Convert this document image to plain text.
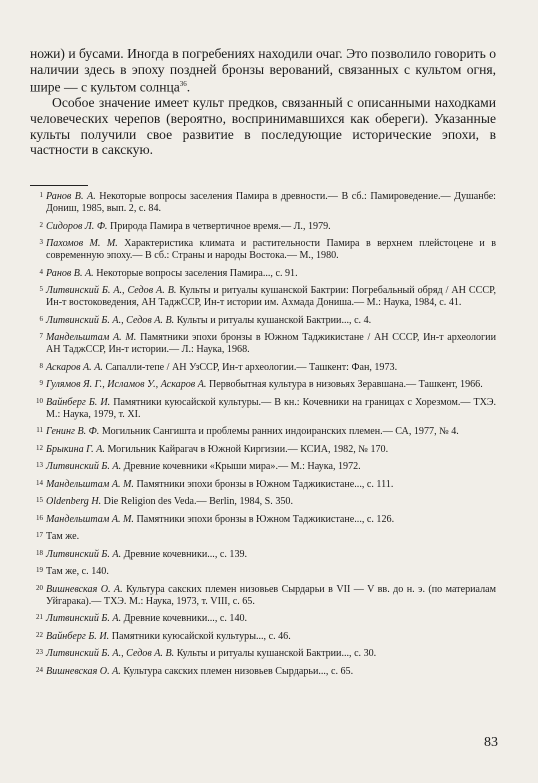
ножи) и бусами. Иногда в погребениях находили очаг. Это позволило говорить о наличии здесь в эпоху поздней бронзы верований, связанных с культом огня, шире — с культом солнца$^{36}$.

Особое значение имеет культ предков, связанный с описанными находками человеческих черепов (вероятно, воспринимавшихся как обереги). Указанные культы получили свое развитие в последующие исторические эпохи, в частности в сакскую.

1 Ранов В. А. Некоторые вопросы заселения Памира в древности.— В сб.: Памироведение.— Душанбе: Дониш, 1985, вып. 2, с. 84.
2 Сидоров Л. Ф. Природа Памира в четвертичное время.— Л., 1979.
3 Пахомов М. М. Характеристика климата и растительности Памира в верхнем плейстоцене и в современную эпоху.— В сб.: Страны и народы Востока.— М., 1980.
4 Ранов В. А. Некоторые вопросы заселения Памира..., с. 91.
5 Литвинский Б. А., Седов А. В. Культы и ритуалы кушанской Бактрии: Погребальный обряд / АН СССР, Ин-т востоковедения, АН ТаджССР, Ин-т истории им. Ахмада Дониша.— М.: Наука, 1984, с. 41.
6 Литвинский Б. А., Седов А. В. Культы и ритуалы кушанской Бактрии..., с. 4.
7 Мандельштам А. М. Памятники эпохи бронзы в Южном Таджикистане / АН СССР, Ин-т археологии АН ТаджССР, Ин-т истории.— Л.: Наука, 1968.
8 Аскаров А. А. Сапалли-тепе / АН УзССР, Ин-т археологии.— Ташкент: Фан, 1973.
9 Гулямов Я. Г., Исламов У., Аскаров А. Первобытная культура в низовьях Зеравшана.— Ташкент, 1966.
10 Вайнберг Б. И. Памятники куюсайской культуры.— В кн.: Кочевники на границах с Хорезмом.— ТХЭ. М.: Наука, 1979, т. XI.
11 Генинг В. Ф. Могильник Сангишта и проблемы ранних индоиранских племен.— СА, 1977, № 4.
12 Брыкина Г. А. Могильник Кайрагач в Южной Киргизии.— КСИА, 1982, № 170.
13 Литвинский Б. А. Древние кочевники «Крыши мира».— М.: Наука, 1972.
14 Мандельштам А. М. Памятники эпохи бронзы в Южном Таджикистане..., с. 111.
15 Oldenberg H. Die Religion des Veda.— Berlin, 1984, S. 350.
16 Мандельштам А. М. Памятники эпохи бронзы в Южном Таджикистане..., с. 126.
17 Там же.
18 Литвинский Б. А. Древние кочевники..., с. 139.
19 Там же, с. 140.
20 Вишневская О. А. Культура сакских племен низовьев Сырдарьи в VII — V вв. до н. э. (по материалам Уйгарака).— ТХЭ. М.: Наука, 1973, т. VIII, с. 65.
21 Литвинский Б. А. Древние кочевники..., с. 140.
22 Вайнберг Б. И. Памятники куюсайской культуры..., с. 46.
23 Литвинский Б. А., Седов А. В. Культы и ритуалы кушанской Бактрии..., с. 30.
24 Вишневская О. А. Культура сакских племен низовьев Сырдарьи..., с. 65.
83
